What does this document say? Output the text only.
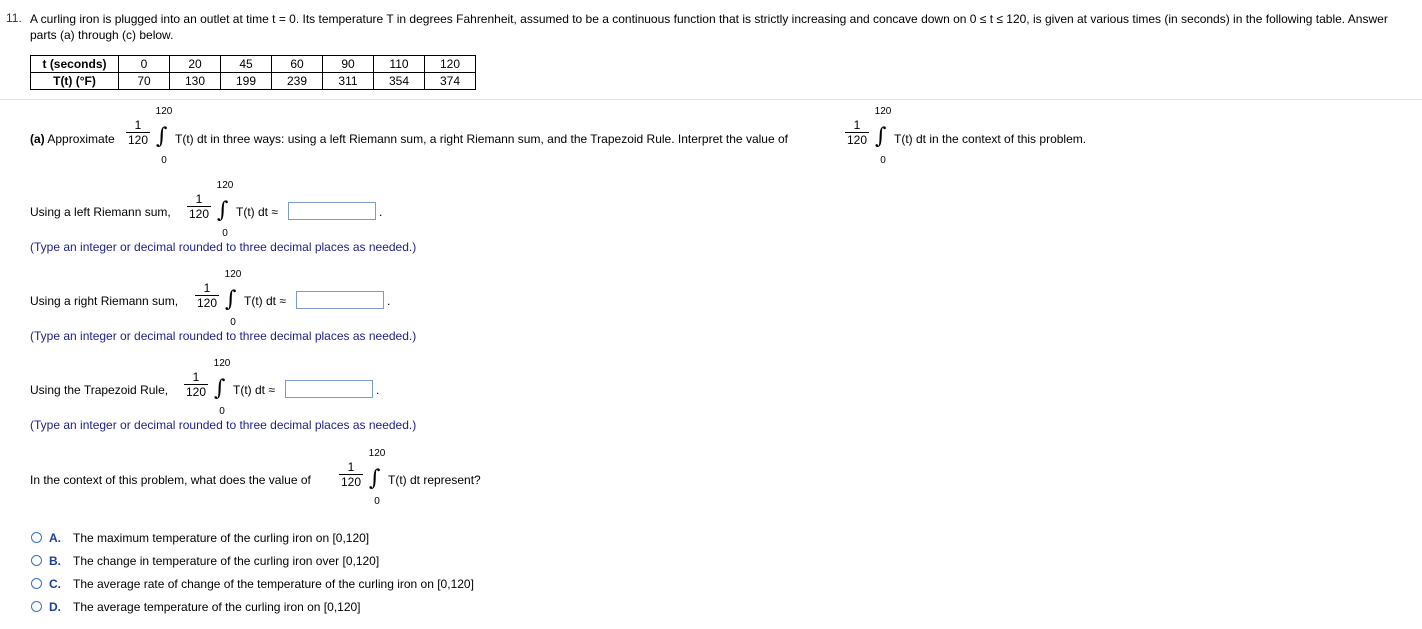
11. A curling iron is plugged into an outlet at time t = 0. Its temperature T in degrees Fahrenheit, assumed to be a continuous function that is strictly increasing and concave down on 0 ≤ t ≤ 120, is given at various times (in seconds) in the following table. Answer parts (a) through (c) below.
t (seconds)	0	20	45	60	90	110	120
T(t) (°F)	70	130	199	239	311	354	374
(a) Approximate
120
1
120 ∫
0
T(t) dt in three ways: using a left Riemann sum, a right Riemann sum, and the Trapezoid Rule. Interpret the value of
120
1
120 ∫
0
T(t) dt in the context of this problem.
Using a left Riemann sum,
120
1
120 ∫
0
T(t) dt ≈	.
(Type an integer or decimal rounded to three decimal places as needed.)
Using a right Riemann sum,
120
1
120 ∫
0
T(t) dt ≈	.
(Type an integer or decimal rounded to three decimal places as needed.)
Using the Trapezoid Rule,
120
1
120 ∫
0
T(t) dt ≈	.
(Type an integer or decimal rounded to three decimal places as needed.)
In the context of this problem, what does the value of
120
1
120 ∫
0
T(t) dt represent?
A. The maximum temperature of the curling iron on [0,120]
B. The change in temperature of the curling iron over [0,120]
C. The average rate of change of the temperature of the curling iron on [0,120]
D. The average temperature of the curling iron on [0,120]
